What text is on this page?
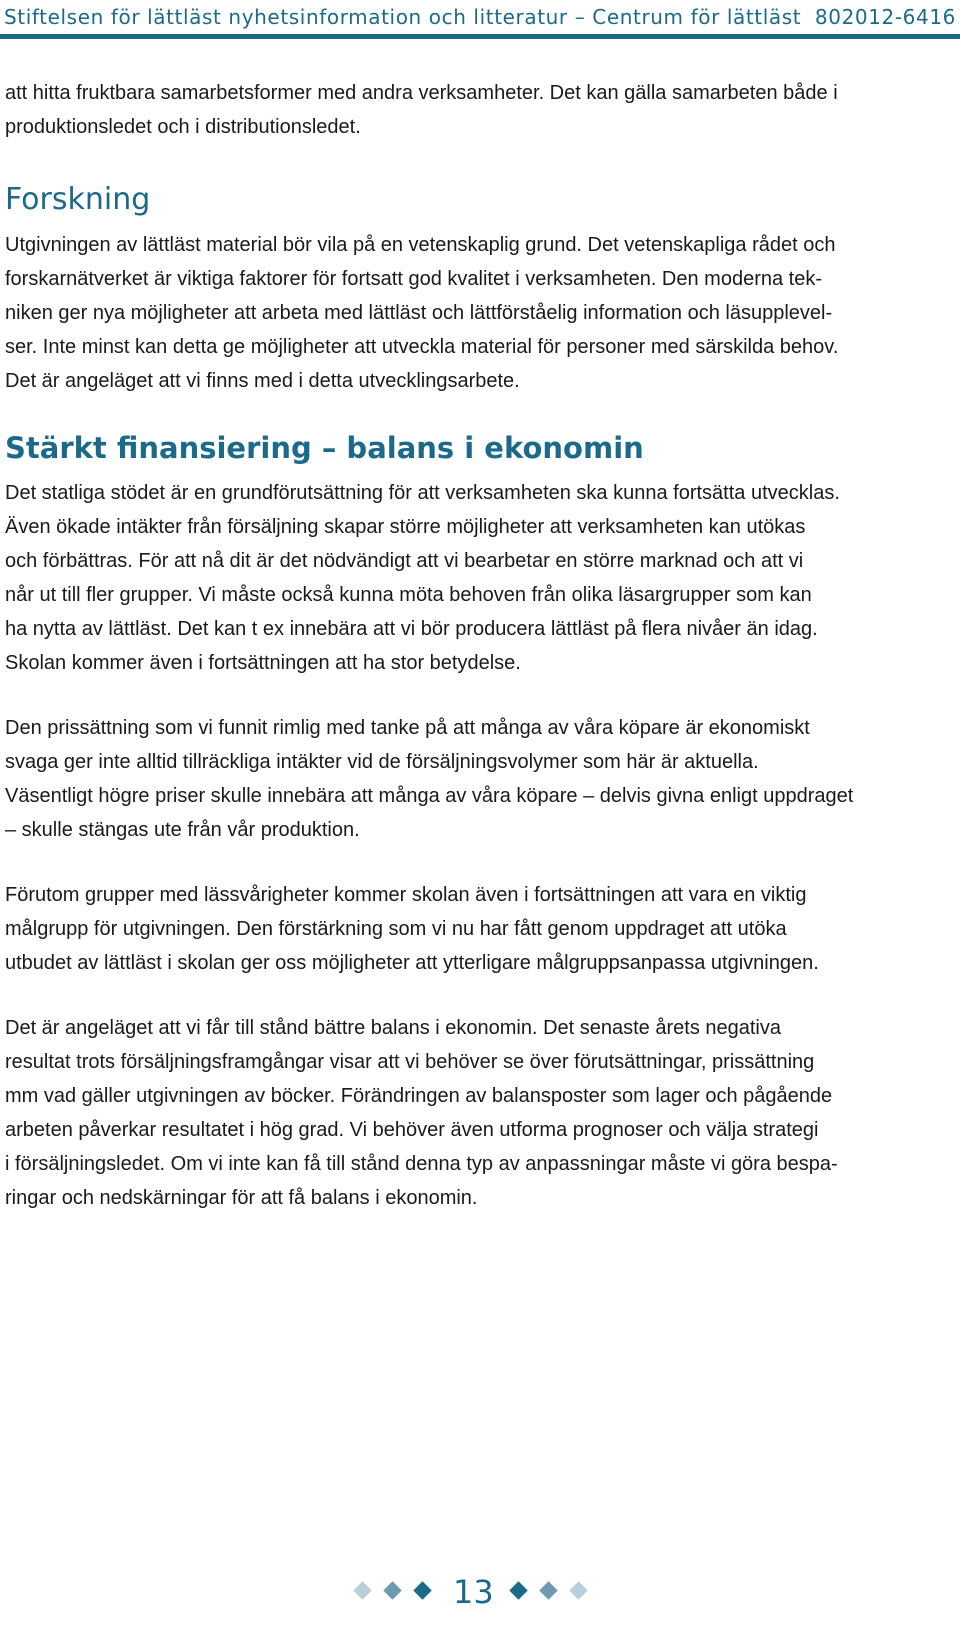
Stiftelsen för lättläst nyhetsinformation och litteratur – Centrum för lättläst 802012-6416

att hitta fruktbara samarbetsformer med andra verksamheter. Det kan gälla samarbeten både i

produktionsledet och i distributionsledet.

Forskning

Utgivningen av lättläst material bör vila på en vetenskaplig grund. Det vetenskapliga rådet och

forskarnätverket är viktiga faktorer för fortsatt god kvalitet i verksamheten. Den moderna tek-

niken ger nya möjligheter att arbeta med lättläst och lättförståelig information och läsupplevel-

ser. Inte minst kan detta ge möjligheter att utveckla material för personer med särskilda behov.

Det är angeläget att vi finns med i detta utvecklingsarbete.

Stärkt finansiering – balans i ekonomin

Det statliga stödet är en grundförutsättning för att verksamheten ska kunna fortsätta utvecklas.

Även ökade intäkter från försäljning skapar större möjligheter att verksamheten kan utökas

och förbättras. För att nå dit är det nödvändigt att vi bearbetar en större marknad och att vi

når ut till fler grupper. Vi måste också kunna möta behoven från olika läsargrupper som kan

ha nytta av lättläst. Det kan t ex innebära att vi bör producera lättläst på flera nivåer än idag.

Skolan kommer även i fortsättningen att ha stor betydelse.

Den prissättning som vi funnit rimlig med tanke på att många av våra köpare är ekonomiskt

svaga ger inte alltid tillräckliga intäkter vid de försäljningsvolymer som här är aktuella.

Väsentligt högre priser skulle innebära att många av våra köpare – delvis givna enligt uppdraget

– skulle stängas ute från vår produktion.

Förutom grupper med lässvårigheter kommer skolan även i fortsättningen att vara en viktig

målgrupp för utgivningen. Den förstärkning som vi nu har fått genom uppdraget att utöka

utbudet av lättläst i skolan ger oss möjligheter att ytterligare målgruppsanpassa utgivningen.

Det är angeläget att vi får till stånd bättre balans i ekonomin. Det senaste årets negativa

resultat trots försäljningsframgångar visar att vi behöver se över förutsättningar, prissättning

mm vad gäller utgivningen av böcker. Förändringen av balansposter som lager och pågående

arbeten påverkar resultatet i hög grad. Vi behöver även utforma prognoser och välja strategi

i försäljningsledet. Om vi inte kan få till stånd denna typ av anpassningar måste vi göra bespa-

ringar och nedskärningar för att få balans i ekonomin.

13
